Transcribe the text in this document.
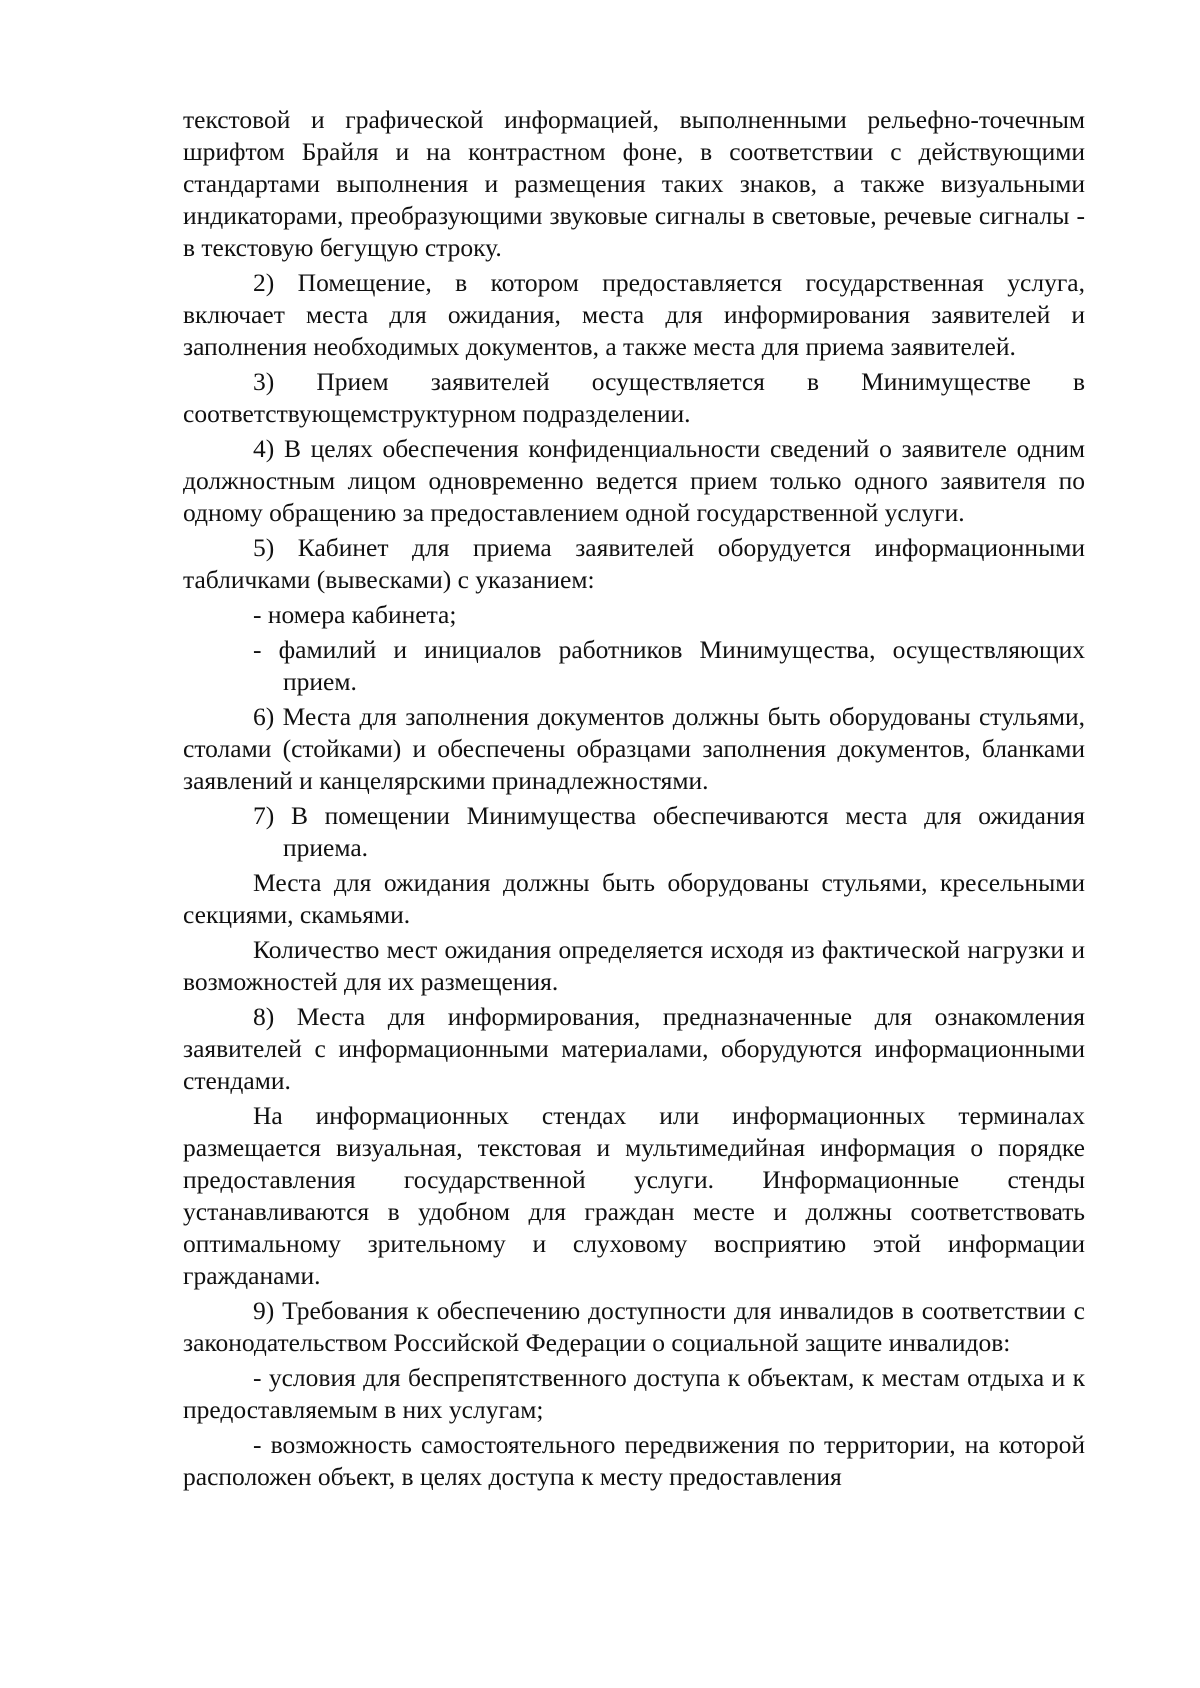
текстовой и графической информацией, выполненными рельефно-точечным шрифтом Брайля и на контрастном фоне, в соответствии с действующими стандартами выполнения и размещения таких знаков, а также визуальными индикаторами, преобразующими звуковые сигналы в световые, речевые сигналы - в текстовую бегущую строку.

2) Помещение, в котором предоставляется государственная услуга, включает места для ожидания, места для информирования заявителей и заполнения необходимых документов, а также места для приема заявителей.

3) Прием заявителей осуществляется в Минимуществе в соответствующемструктурном подразделении.

4) В целях обеспечения конфиденциальности сведений о заявителе одним должностным лицом одновременно ведется прием только одного заявителя по одному обращению за предоставлением одной государственной услуги.

5) Кабинет для приема заявителей оборудуется информационными табличками (вывесками) с указанием:

- номера кабинета;

- фамилий и инициалов работников Минимущества, осуществляющих прием.

6) Места для заполнения документов должны быть оборудованы стульями, столами (стойками) и обеспечены образцами заполнения документов, бланками заявлений и канцелярскими принадлежностями.

7) В помещении Минимущества обеспечиваются места для ожидания приема.

Места для ожидания должны быть оборудованы стульями, кресельными секциями, скамьями.

Количество мест ожидания определяется исходя из фактической нагрузки и возможностей для их размещения.

8) Места для информирования, предназначенные для ознакомления заявителей с информационными материалами, оборудуются информационными стендами.

На информационных стендах или информационных терминалах размещается визуальная, текстовая и мультимедийная информация о порядке предоставления государственной услуги. Информационные стенды устанавливаются в удобном для граждан месте и должны соответствовать оптимальному зрительному и слуховому восприятию этой информации гражданами.

9) Требования к обеспечению доступности для инвалидов в соответствии с законодательством Российской Федерации о социальной защите инвалидов:

- условия для беспрепятственного доступа к объектам, к местам отдыха и к предоставляемым в них услугам;

- возможность самостоятельного передвижения по территории, на которой расположен объект, в целях доступа к месту предоставления
